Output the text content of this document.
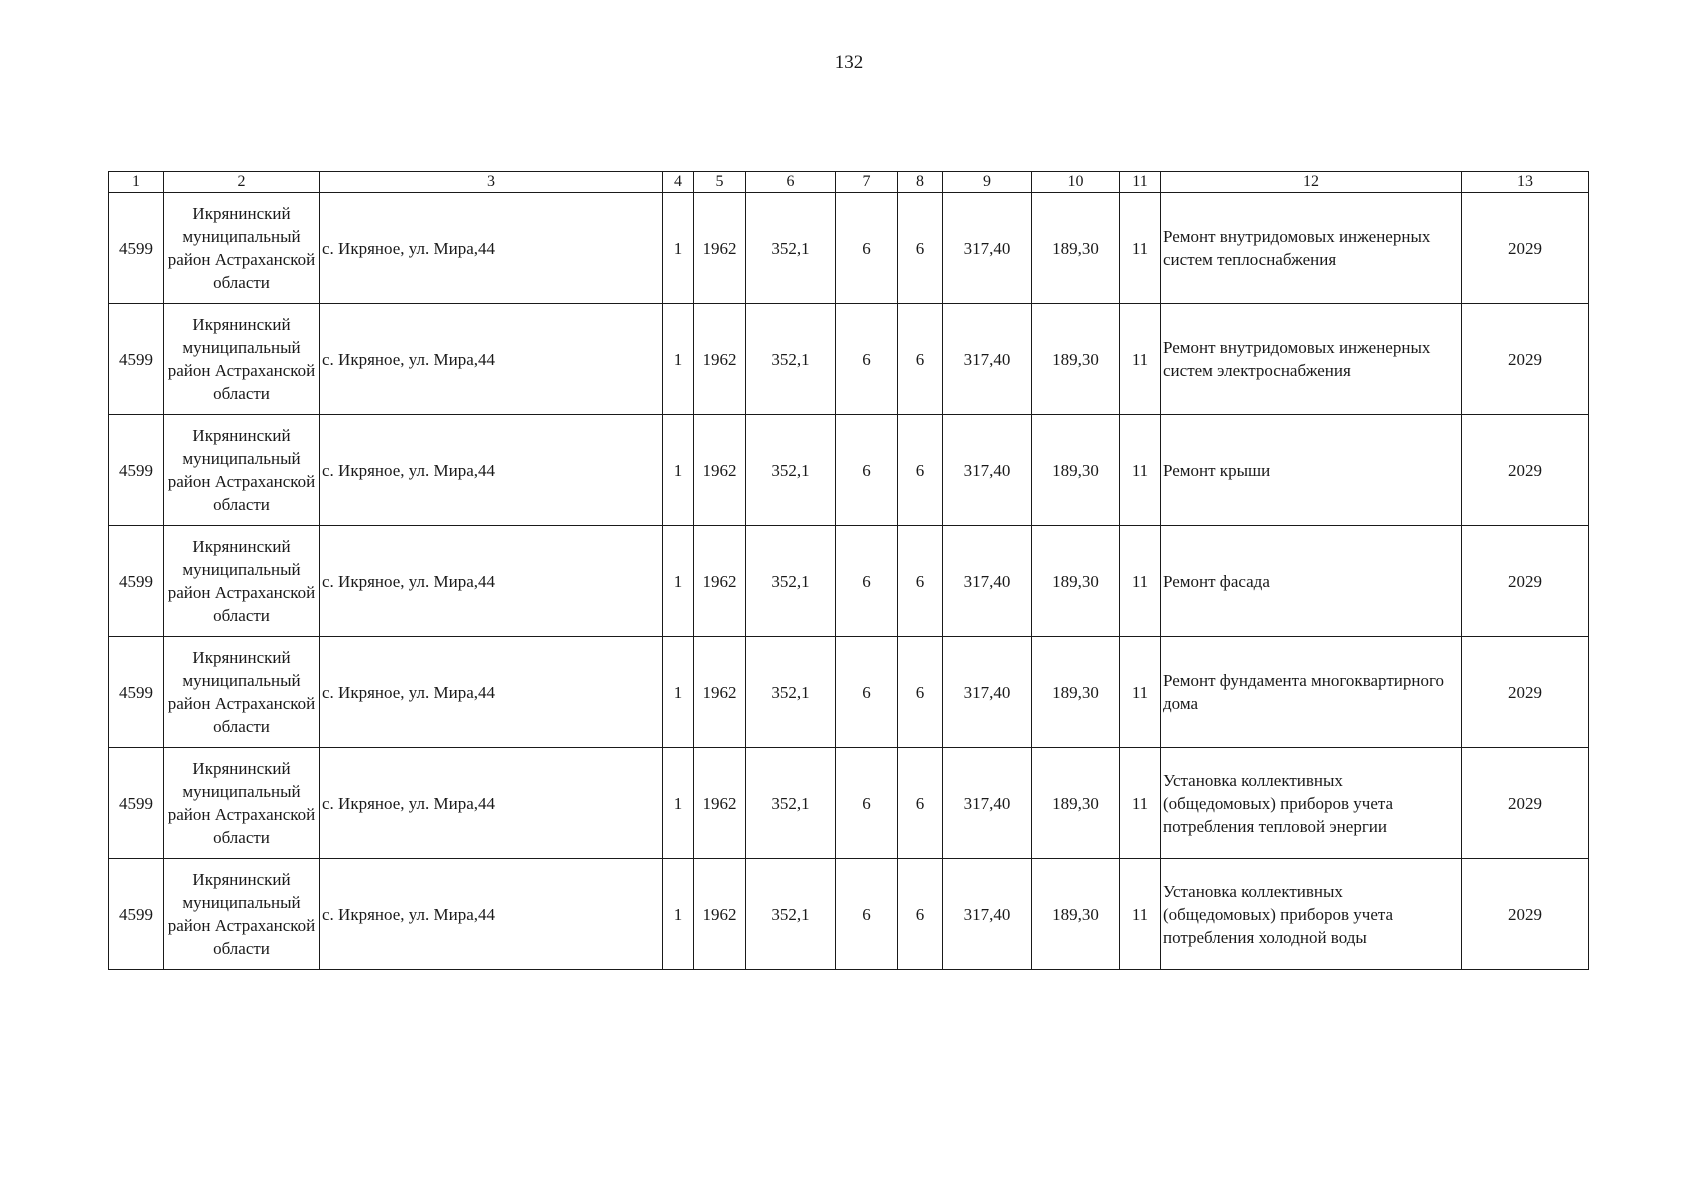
132
1	2	3	4	5	6	7	8	9	10	11	12	13
4599	Икрянинский муниципальный район Астраханской области	с. Икряное, ул. Мира,44	1	1962	352,1	6	6	317,40	189,30	11	Ремонт внутридомовых инженерных систем теплоснабжения	2029
4599	Икрянинский муниципальный район Астраханской области	с. Икряное, ул. Мира,44	1	1962	352,1	6	6	317,40	189,30	11	Ремонт внутридомовых инженерных систем электроснабжения	2029
4599	Икрянинский муниципальный район Астраханской области	с. Икряное, ул. Мира,44	1	1962	352,1	6	6	317,40	189,30	11	Ремонт крыши	2029
4599	Икрянинский муниципальный район Астраханской области	с. Икряное, ул. Мира,44	1	1962	352,1	6	6	317,40	189,30	11	Ремонт фасада	2029
4599	Икрянинский муниципальный район Астраханской области	с. Икряное, ул. Мира,44	1	1962	352,1	6	6	317,40	189,30	11	Ремонт фундамента многоквартирного дома	2029
4599	Икрянинский муниципальный район Астраханской области	с. Икряное, ул. Мира,44	1	1962	352,1	6	6	317,40	189,30	11	Установка коллективных (общедомовых) приборов учета потребления тепловой энергии	2029
4599	Икрянинский муниципальный район Астраханской области	с. Икряное, ул. Мира,44	1	1962	352,1	6	6	317,40	189,30	11	Установка коллективных (общедомовых) приборов учета потребления холодной воды	2029
